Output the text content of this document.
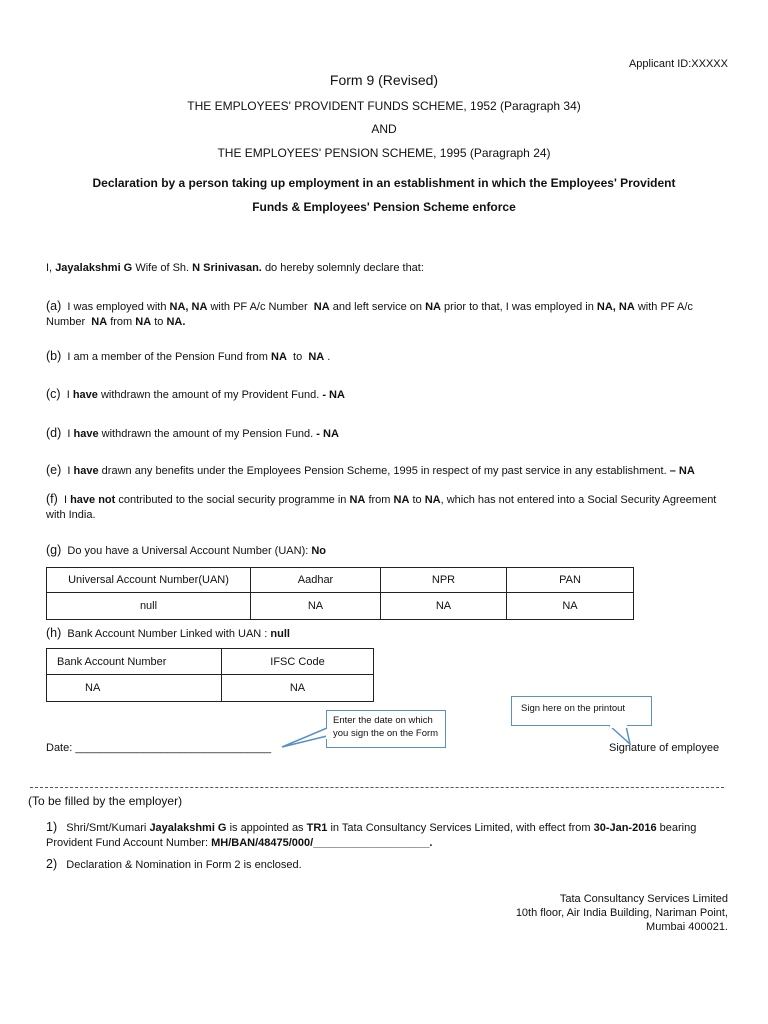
Applicant ID:XXXXX
Form 9 (Revised)
THE EMPLOYEES' PROVIDENT FUNDS SCHEME, 1952 (Paragraph 34)
AND
THE EMPLOYEES' PENSION SCHEME, 1995 (Paragraph 24)
Declaration by a person taking up employment in an establishment in which the Employees' Provident
Funds & Employees' Pension Scheme enforce
I, Jayalakshmi G Wife of Sh. N Srinivasan. do hereby solemnly declare that:
(a) I was employed with NA, NA with PF A/c Number NA and left service on NA prior to that, I was employed in NA, NA with PF A/c Number NA from NA to NA.
(b) I am a member of the Pension Fund from NA to NA .
(c) I have withdrawn the amount of my Provident Fund. - NA
(d) I have withdrawn the amount of my Pension Fund. - NA
(e) I have drawn any benefits under the Employees Pension Scheme, 1995 in respect of my past service in any establishment. – NA
(f) I have not contributed to the social security programme in NA from NA to NA, which has not entered into a Social Security Agreement with India.
(g) Do you have a Universal Account Number (UAN): No
Universal Account Number(UAN)	Aadhar	NPR	PAN
null	NA	NA	NA
(h) Bank Account Number Linked with UAN : null
Bank Account Number	IFSC Code
NA	NA
Enter the date on which you sign the on the Form
Sign here on the printout
Date: ________________________________	Signature of employee
(To be filled by the employer)
1) Shri/Smt/Kumari Jayalakshmi G is appointed as TR1 in Tata Consultancy Services Limited, with effect from 30-Jan-2016 bearing Provident Fund Account Number: MH/BAN/48475/000/___________________.
2) Declaration & Nomination in Form 2 is enclosed.
Tata Consultancy Services Limited
10th floor, Air India Building, Nariman Point,
Mumbai 400021.
